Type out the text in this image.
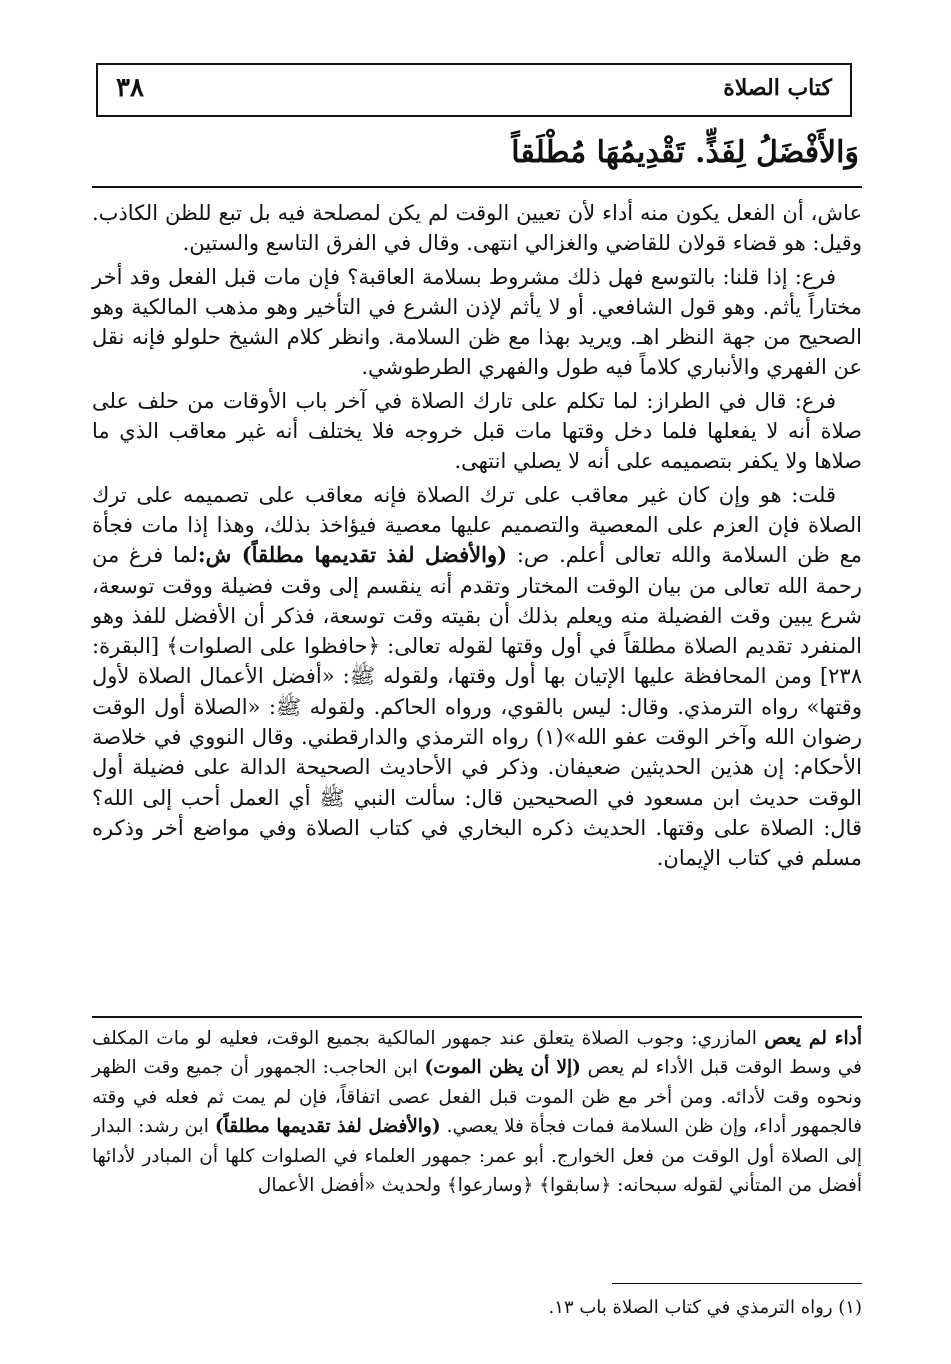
كتاب الصلاة
٣٨
وَالأَفْضَلُ لِفَذٍّ. تَقْدِيمُهَا مُطْلَقاً

عاش، أن الفعل يكون منه أداء لأن تعيين الوقت لم يكن لمصلحة فيه بل تبع للظن الكاذب. وقيل: هو قضاء قولان للقاضي والغزالي انتهى. وقال في الفرق التاسع والستين.

فرع: إذا قلنا: بالتوسع فهل ذلك مشروط بسلامة العاقبة؟ فإن مات قبل الفعل وقد أخر مختاراً يأثم. وهو قول الشافعي. أو لا يأثم لإذن الشرع في التأخير وهو مذهب المالكية وهو الصحيح من جهة النظر اهـ. ويريد بهذا مع ظن السلامة. وانظر كلام الشيخ حلولو فإنه نقل عن الفهري والأنباري كلاماً فيه طول والفهري الطرطوشي.

فرع: قال في الطراز: لما تكلم على تارك الصلاة في آخر باب الأوقات من حلف على صلاة أنه لا يفعلها فلما دخل وقتها مات قبل خروجه فلا يختلف أنه غير معاقب الذي ما صلاها ولا يكفر بتصميمه على أنه لا يصلي انتهى.

قلت: هو وإن كان غير معاقب على ترك الصلاة فإنه معاقب على تصميمه على ترك الصلاة فإن العزم على المعصية والتصميم عليها معصية فيؤاخذ بذلك، وهذا إذا مات فجأة مع ظن السلامة والله تعالى أعلم. ص: (والأفضل لفذ تقديمها مطلقاً) ش:لما فرغ من رحمة الله تعالى من بيان الوقت المختار وتقدم أنه ينقسم إلى وقت فضيلة ووقت توسعة، شرع يبين وقت الفضيلة منه ويعلم بذلك أن بقيته وقت توسعة، فذكر أن الأفضل للفذ وهو المنفرد تقديم الصلاة مطلقاً في أول وقتها لقوله تعالى: ﴿حافظوا على الصلوات﴾ [البقرة: ٢٣٨] ومن المحافظة عليها الإتيان بها أول وقتها، ولقوله ﷺ: «أفضل الأعمال الصلاة لأول وقتها» رواه الترمذي. وقال: ليس بالقوي، ورواه الحاكم. ولقوله ﷺ: «الصلاة أول الوقت رضوان الله وآخر الوقت عفو الله»(١) رواه الترمذي والدارقطني. وقال النووي في خلاصة الأحكام: إن هذين الحديثين ضعيفان. وذكر في الأحاديث الصحيحة الدالة على فضيلة أول الوقت حديث ابن مسعود في الصحيحين قال: سألت النبي ﷺ أي العمل أحب إلى الله؟ قال: الصلاة على وقتها. الحديث ذكره البخاري في كتاب الصلاة وفي مواضع أخر وذكره مسلم في كتاب الإيمان.

أداء لم يعص المازري: وجوب الصلاة يتعلق عند جمهور المالكية بجميع الوقت، فعليه لو مات المكلف في وسط الوقت قبل الأداء لم يعص (إلا أن يظن الموت) ابن الحاجب: الجمهور أن جميع وقت الظهر ونحوه وقت لأدائه. ومن أخر مع ظن الموت قبل الفعل عصى اتفاقاً، فإن لم يمت ثم فعله في وقته فالجمهور أداء، وإن ظن السلامة فمات فجأة فلا يعصي. (والأفضل لفذ تقديمها مطلقاً) ابن رشد: البدار إلى الصلاة أول الوقت من فعل الخوارج. أبو عمر: جمهور العلماء في الصلوات كلها أن المبادر لأدائها أفضل من المتأني لقوله سبحانه: ﴿سابقوا﴾ ﴿وسارعوا﴾ ولحديث «أفضل الأعمال

(١) رواه الترمذي في كتاب الصلاة باب ١٣.
